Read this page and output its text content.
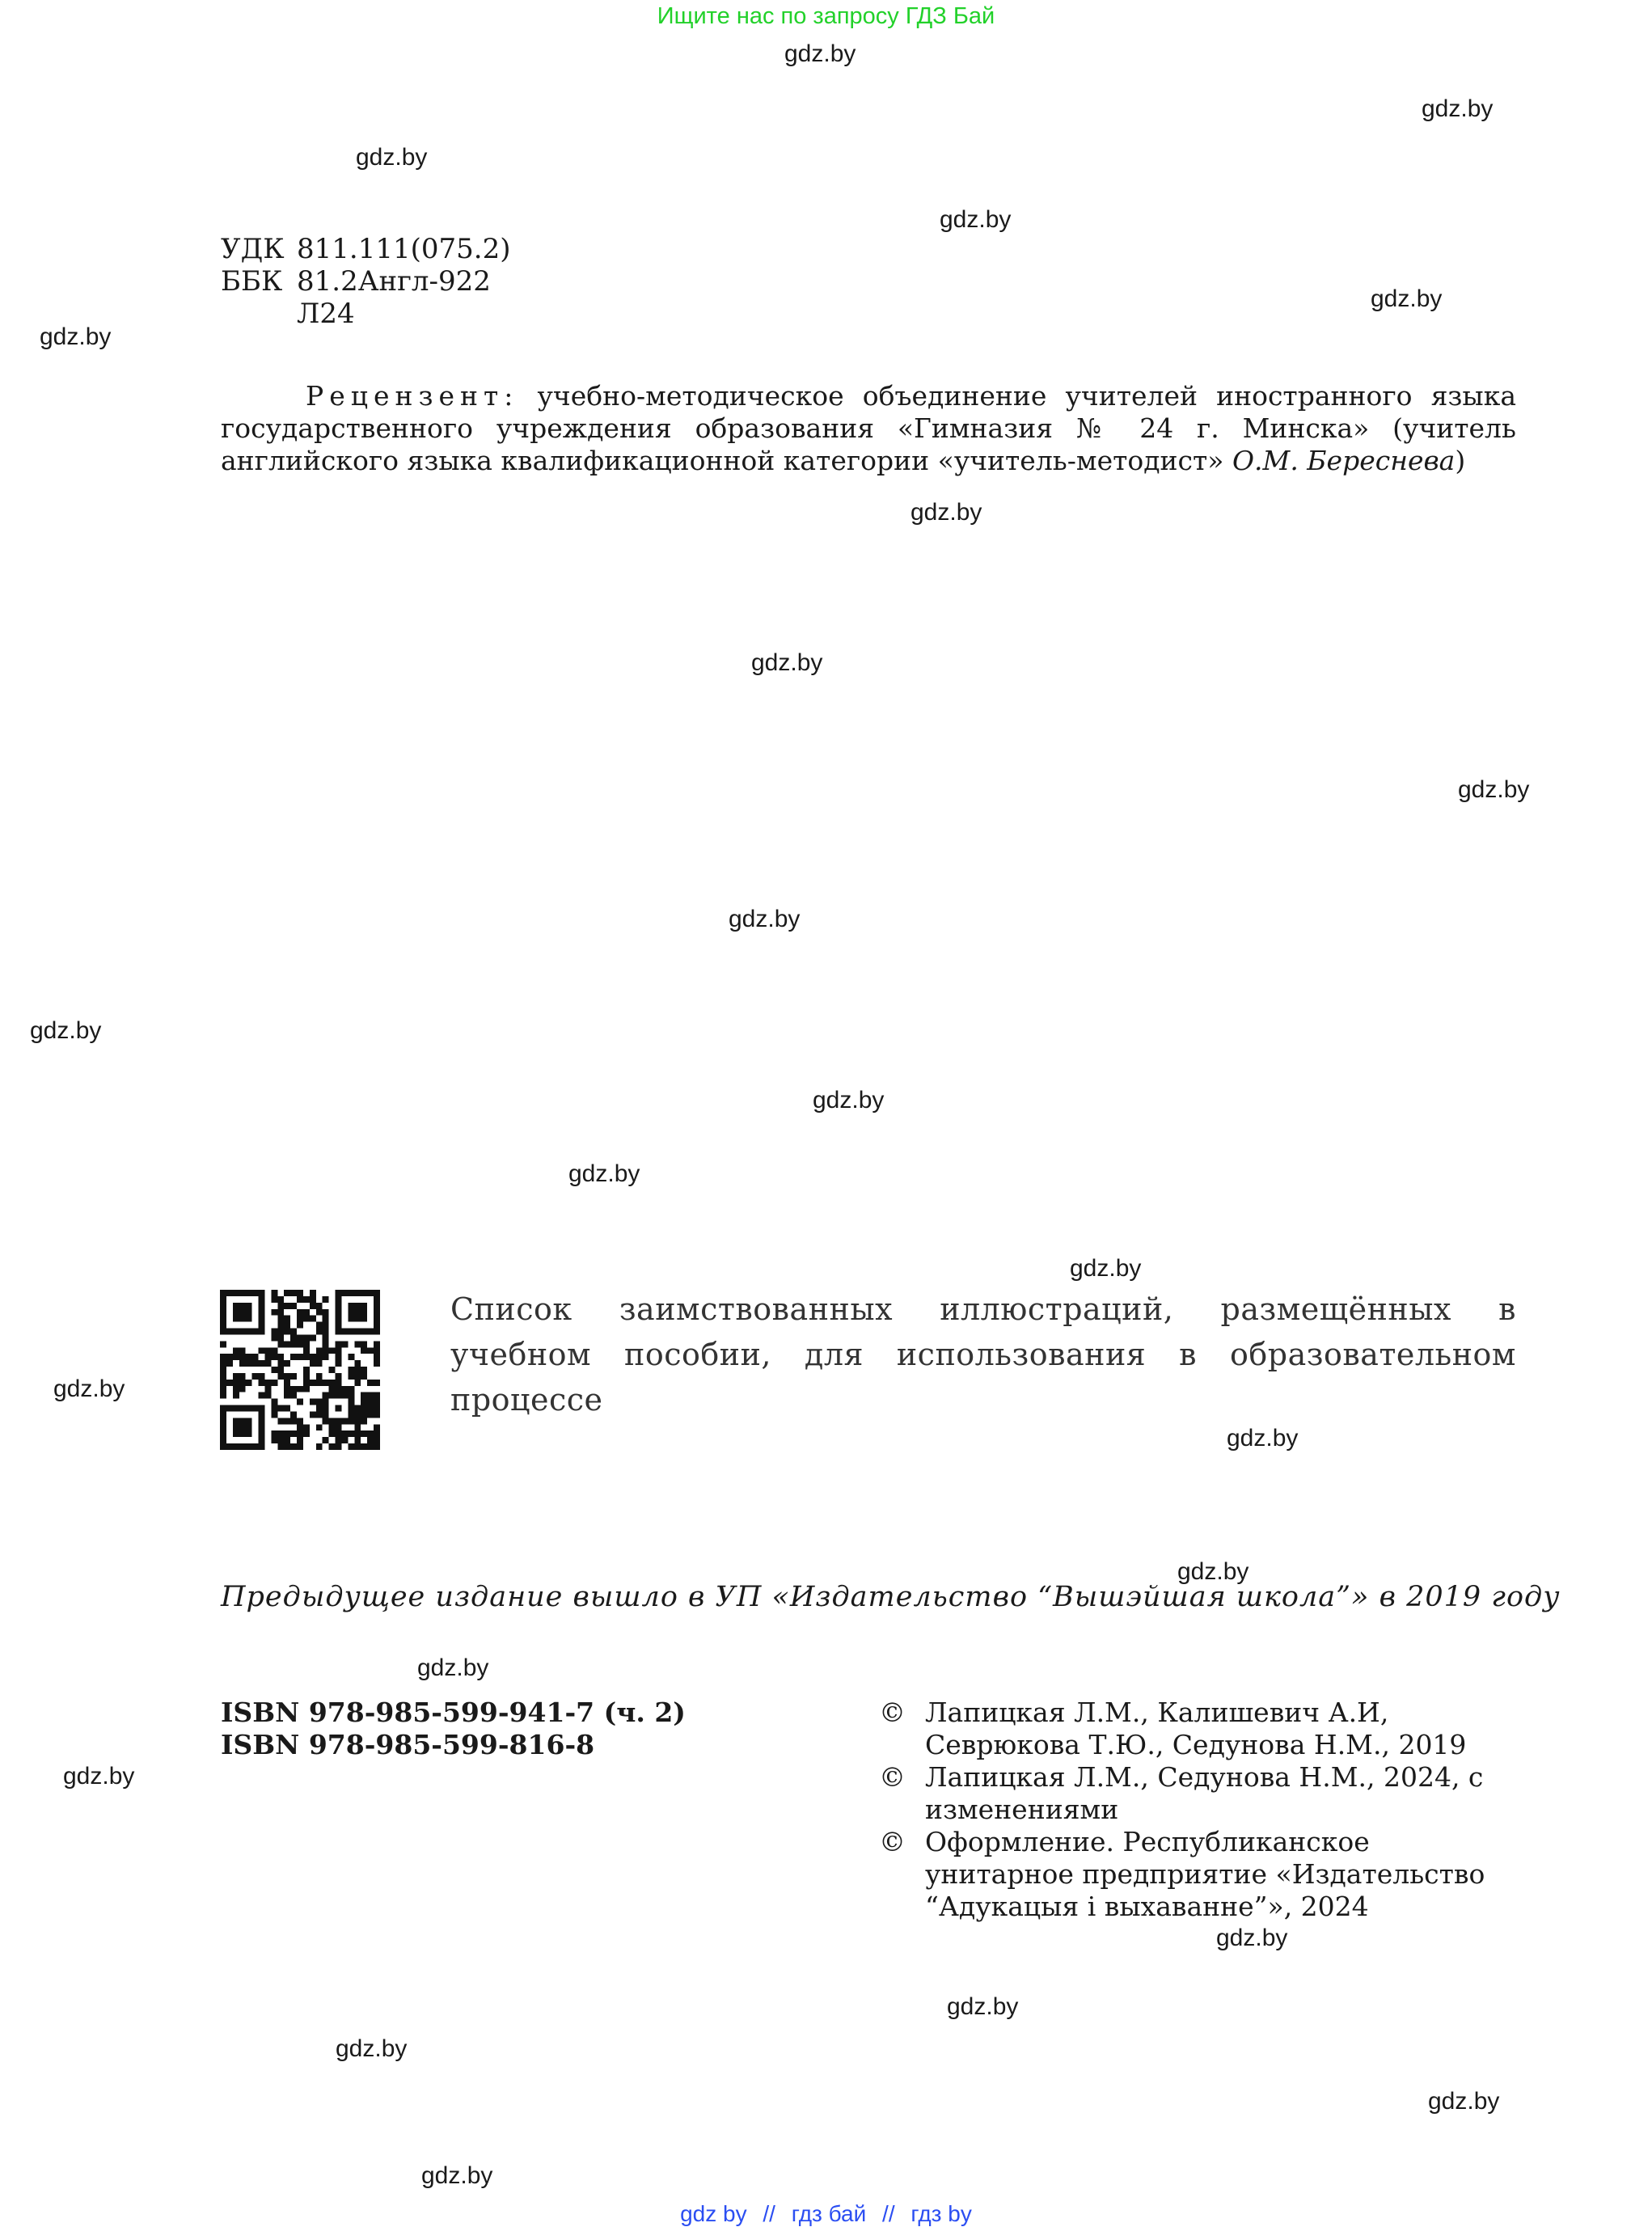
Ищите нас по запросу ГДЗ Бай
gdz.by
gdz.by
gdz.by
gdz.by
gdz.by
gdz.by
gdz.by
gdz.by
gdz.by
gdz.by
gdz.by
gdz.by
gdz.by
gdz.by
gdz.by
gdz.by
gdz.by
gdz.by
gdz.by
gdz.by
gdz.by
gdz.by
gdz.by
gdz.by
УДК 811.111(075.2)
ББК 81.2Англ-922
Л24
Рецензент: учебно-методическое объединение учителей иностранного языка государственного учреждения образования «Гимназия № 24 г. Минска» (учитель английского языка квалификационной категории «учитель-методист» О.М. Береснева)
Список заимствованных иллюстраций, размещённых в учебном пособии, для использования в образовательном процессе
Предыдущее издание вышло в УП «Издательство “Вышэйшая школа”» в 2019 году
ISBN 978-985-599-941-7 (ч. 2)
ISBN 978-985-599-816-8
© Лапицкая Л.М., Калишевич А.И, Севрюкова Т.Ю., Седунова Н.М., 2019
© Лапицкая Л.М., Седунова Н.М., 2024, с изменениями
© Оформление. Республиканское унитарное предприятие «Издательство “Адукацыя і выхаванне”», 2024
gdz by // гдз бай // гдз by
